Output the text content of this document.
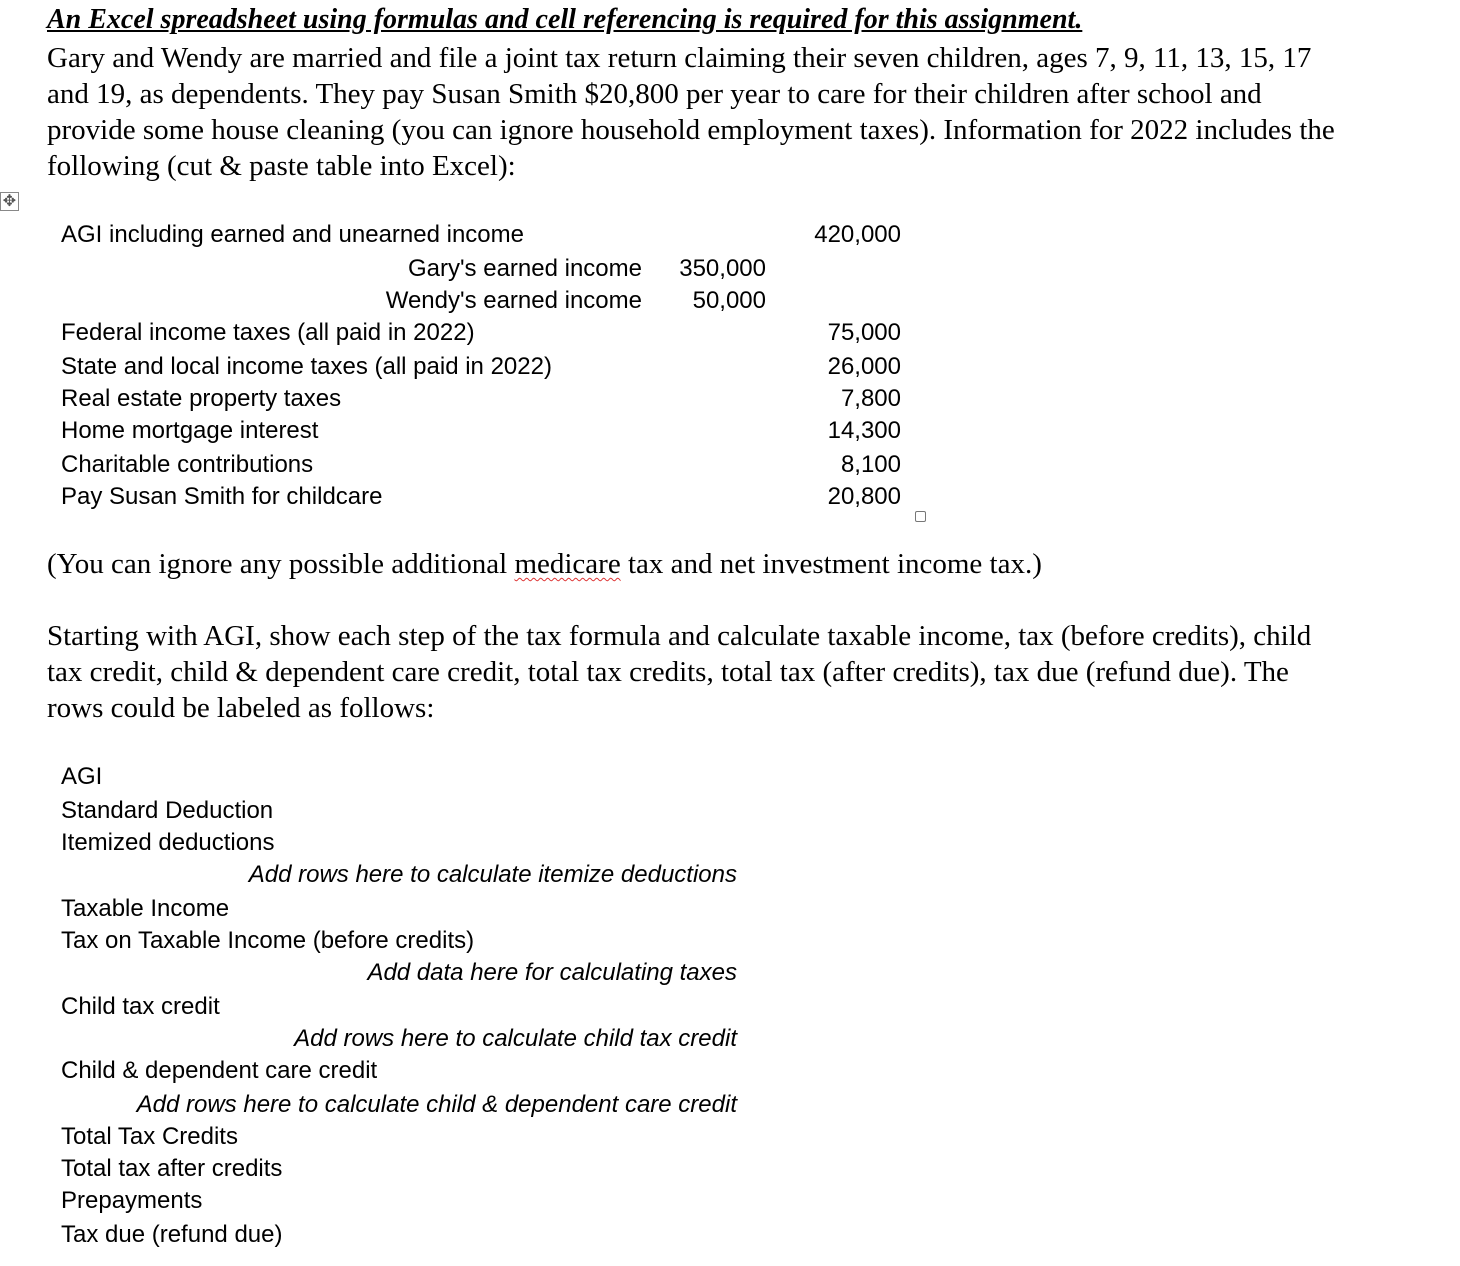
An Excel spreadsheet using formulas and cell referencing is required for this assignment.
Gary and Wendy are married and file a joint tax return claiming their seven children, ages 7, 9, 11, 13, 15, 17
and 19, as dependents. They pay Susan Smith $20,800 per year to care for their children after school and
provide some house cleaning (you can ignore household employment taxes). Information for 2022 includes the
following (cut & paste table into Excel):
✥
AGI including earned and unearned income	420,000
Gary's earned income 350,000
Wendy's earned income 50,000
Federal income taxes (all paid in 2022)	75,000
State and local income taxes (all paid in 2022)	26,000
Real estate property taxes	7,800
Home mortgage interest	14,300
Charitable contributions	8,100
Pay Susan Smith for childcare	20,800
(You can ignore any possible additional medicare tax and net investment income tax.)
Starting with AGI, show each step of the tax formula and calculate taxable income, tax (before credits), child
tax credit, child & dependent care credit, total tax credits, total tax (after credits), tax due (refund due). The
rows could be labeled as follows:
AGI
Standard Deduction
Itemized deductions
Add rows here to calculate itemize deductions
Taxable Income
Tax on Taxable Income (before credits)
Add data here for calculating taxes
Child tax credit
Add rows here to calculate child tax credit
Child & dependent care credit
Add rows here to calculate child & dependent care credit
Total Tax Credits
Total tax after credits
Prepayments
Tax due (refund due)
